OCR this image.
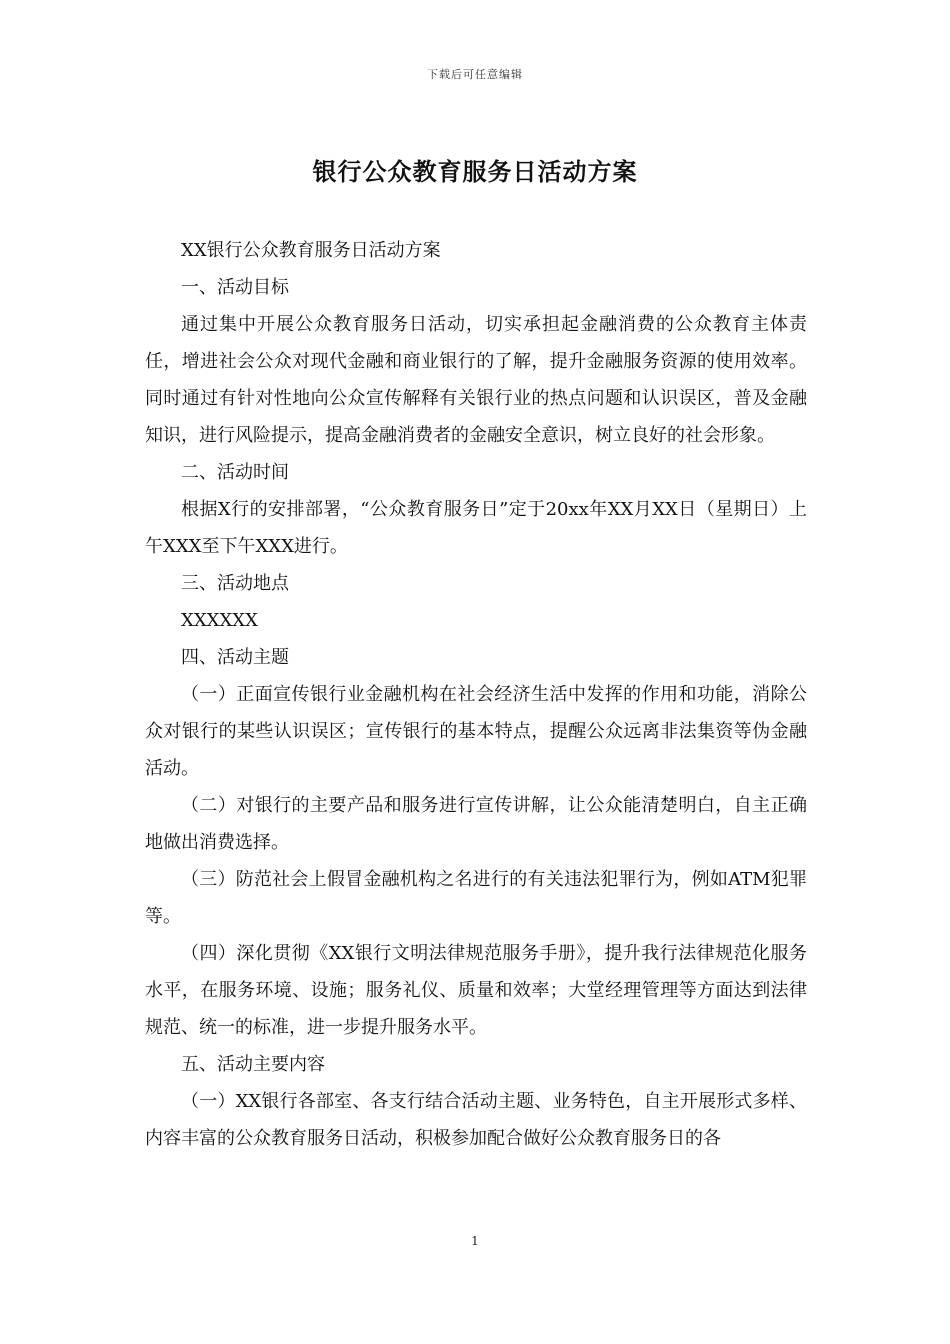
下载后可任意编辑
银行公众教育服务日活动方案

XX银行公众教育服务日活动方案

一、活动目标

通过集中开展公众教育服务日活动，切实承担起金融消费的公众教育主体责任，增进社会公众对现代金融和商业银行的了解，提升金融服务资源的使用效率。同时通过有针对性地向公众宣传解释有关银行业的热点问题和认识误区，普及金融知识，进行风险提示，提高金融消费者的金融安全意识，树立良好的社会形象。

二、活动时间

根据X行的安排部署，“公众教育服务日”定于20xx年XX月XX日（星期日）上午XXX至下午XXX进行。

三、活动地点

XXXXXX

四、活动主题

（一）正面宣传银行业金融机构在社会经济生活中发挥的作用和功能，消除公众对银行的某些认识误区；宣传银行的基本特点，提醒公众远离非法集资等伪金融活动。

（二）对银行的主要产品和服务进行宣传讲解，让公众能清楚明白，自主正确地做出消费选择。

（三）防范社会上假冒金融机构之名进行的有关违法犯罪行为，例如ATM犯罪等。

（四）深化贯彻《XX银行文明法律规范服务手册》，提升我行法律规范化服务水平，在服务环境、设施；服务礼仪、质量和效率；大堂经理管理等方面达到法律规范、统一的标准，进一步提升服务水平。

五、活动主要内容

（一）XX银行各部室、各支行结合活动主题、业务特色，自主开展形式多样、内容丰富的公众教育服务日活动，积极参加配合做好公众教育服务日的各

1
